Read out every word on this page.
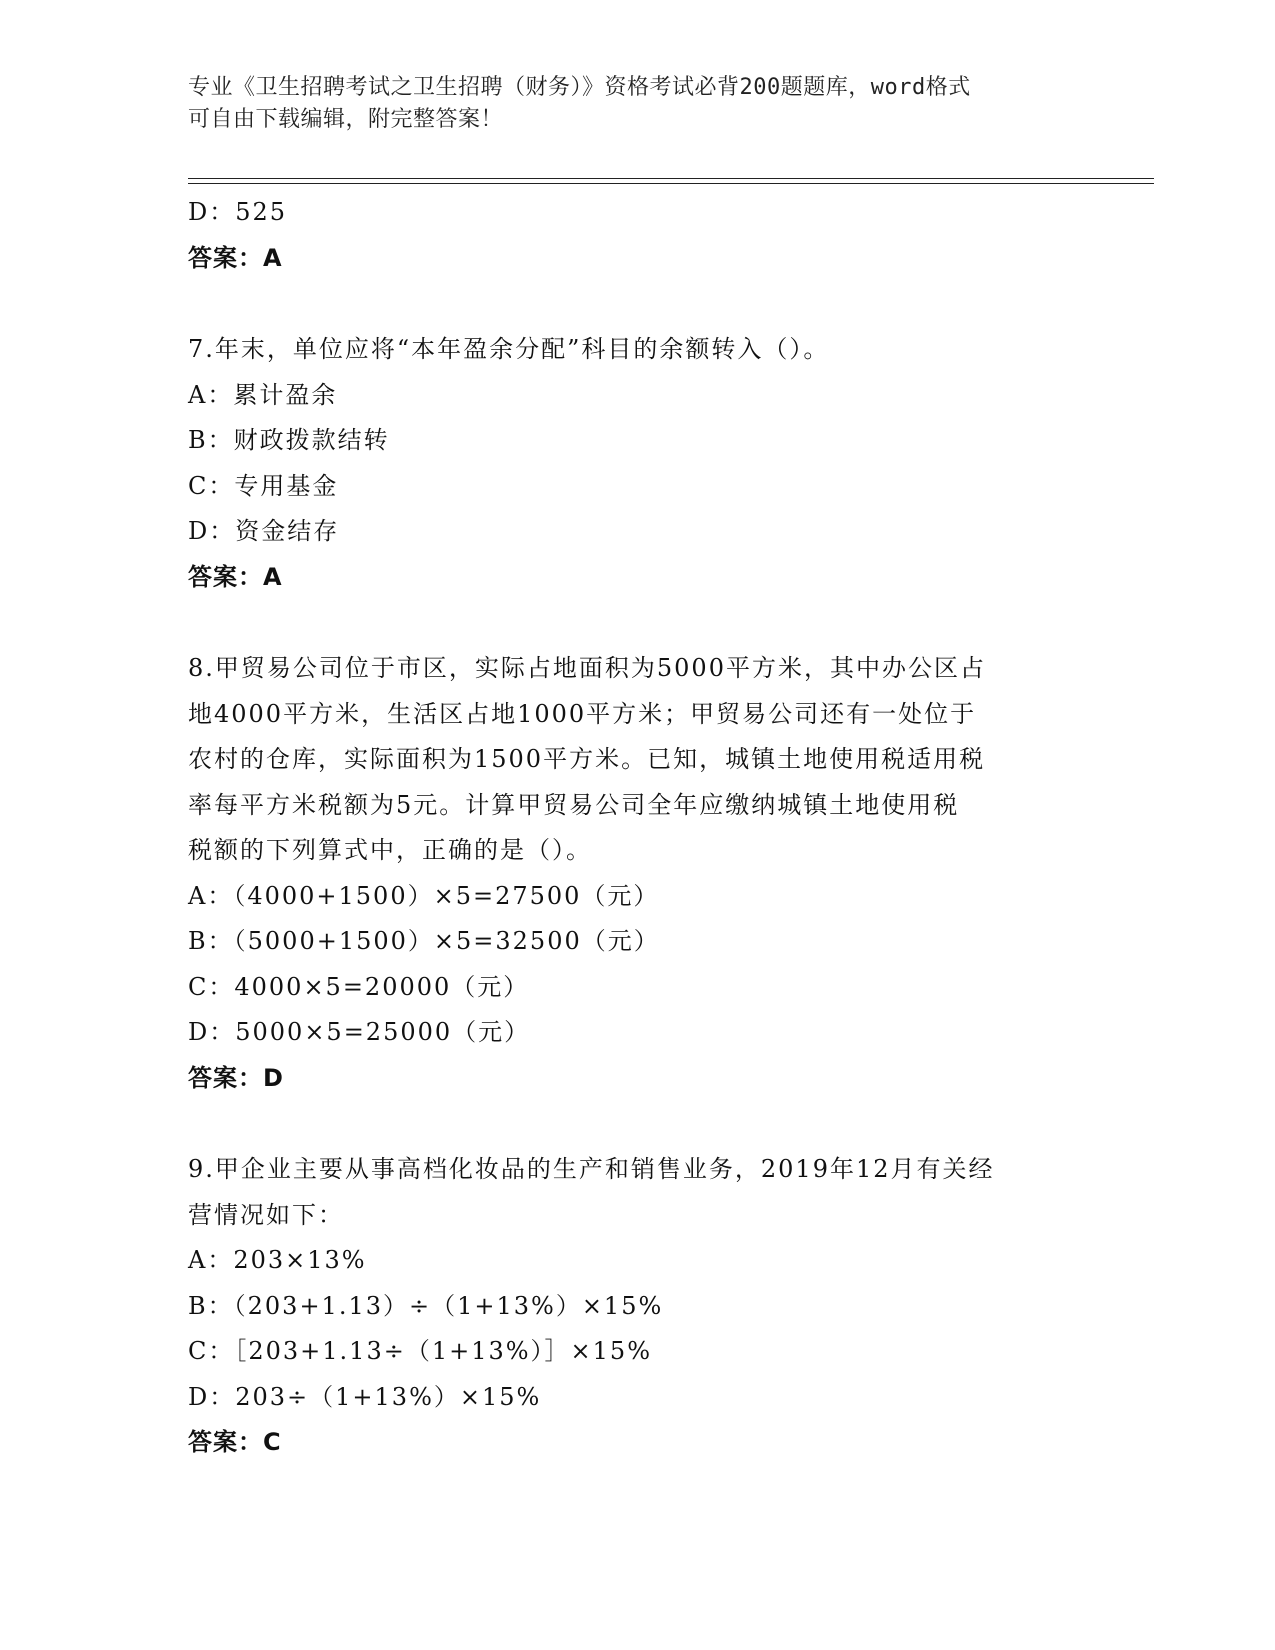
专业《卫生招聘考试之卫生招聘（财务）》资格考试必背200题题库，word格式
可自由下载编辑，附完整答案！
D：525
答案：A
7.年末，单位应将“本年盈余分配”科目的余额转入（）。
A：累计盈余
B：财政拨款结转
C：专用基金
D：资金结存
答案：A
8.甲贸易公司位于市区，实际占地面积为5000平方米，其中办公区占
地4000平方米，生活区占地1000平方米；甲贸易公司还有一处位于
农村的仓库，实际面积为1500平方米。已知，城镇土地使用税适用税
率每平方米税额为5元。计算甲贸易公司全年应缴纳城镇土地使用税
税额的下列算式中，正确的是（）。
A：（4000+1500）×5=27500（元）
B：（5000+1500）×5=32500（元）
C：4000×5=20000（元）
D：5000×5=25000（元）
答案：D
9.甲企业主要从事高档化妆品的生产和销售业务，2019年12月有关经
营情况如下：
A：203×13%
B：（203+1.13）÷（1+13%）×15%
C：［203+1.13÷（1+13%）］×15%
D：203÷（1+13%）×15%
答案：C
